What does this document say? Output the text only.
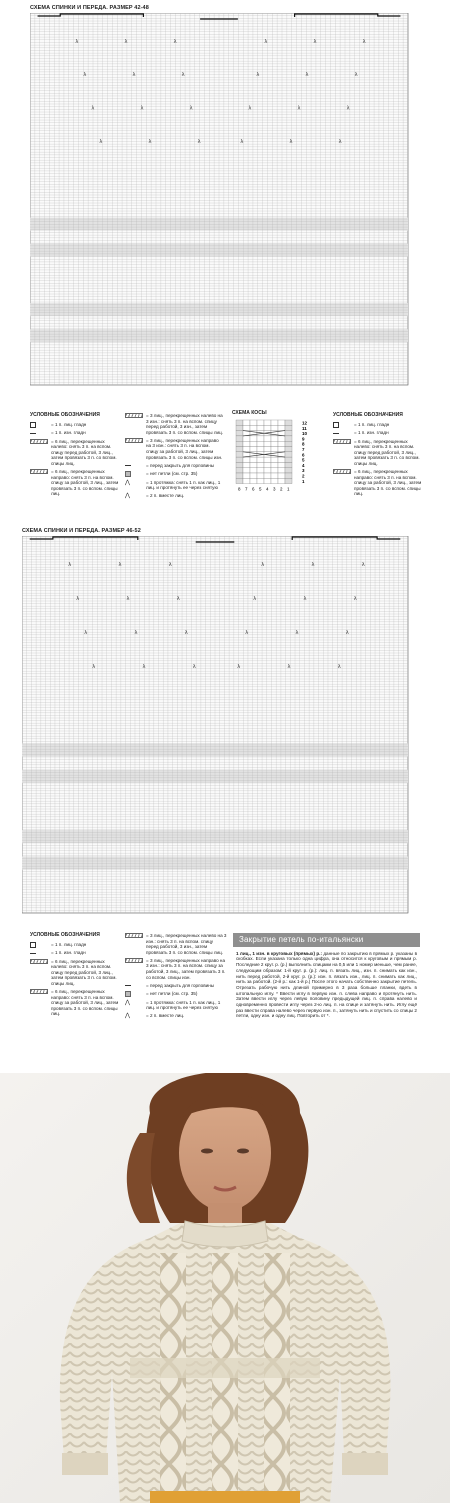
СХЕМА СПИНКИ И ПЕРЕДА. РАЗМЕР 42-48
λ
λ
λ
λ
λ
λ
λ
λ
λ
λ
λ
λ
λ
λ
λ
λ
λ
λ
λ
λ
λ
λ
λ
λ
УСЛОВНЫЕ ОБОЗНАЧЕНИЯ
= 1 п. лиц. гладн
= 1 п. изн. гладн
= 6 лиц., перекрещенных налево: снять 3 п. на вспом. спицу перед работой, 3 лиц., затем провязать 3 п. со вспом. спицы лиц.
= 6 лиц., перекрещенных направо: снять 3 п. на вспом. спицу за работой, 3 лиц., затем провязать 3 п. со вспом. спицы лиц.
= 3 лиц., перекрещенных налево на 3 изн.: снять 3 п. на вспом. спицу перед работой, 3 изн., затем провязать 3 п. со вспом. спицы лиц.
= 3 лиц., перекрещенных направо на 3 изн.: снять 3 п. на вспом. спицу за работой, 3 лиц., затем провязать 3 п. со вспом. спицы изн.
= перед закрыть для горловины
= нет петли (см. стр. 35)
⋀	= 1 протяжка: снять 1 п. как лиц., 1 лиц. и протянуть ее через снятую
⋀	= 2 п. вместе лиц.
СХЕМА КОСЫ
12
11
10
9
8
7
6
5
4
3
2
1
8 7 6 5 4 3 2 1
УСЛОВНЫЕ ОБОЗНАЧЕНИЯ
= 1 п. лиц. гладн
= 1 п. изн. гладн
= 6 лиц., перекрещенных налево: снять 3 п. на вспом. спицу перед работой, 3 лиц., затем провязать 3 п. со вспом. спицы лиц.
= 6 лиц., перекрещенных направо: снять 3 п. на вспом. спицу за работой, 3 лиц., затем провязать 3 п. со вспом. спицы лиц.
СХЕМА СПИНКИ И ПЕРЕДА. РАЗМЕР 46-52
λ
λ
λ
λ
λ
λ
λ
λ
λ
λ
λ
λ
λ
λ
λ
λ
λ
λ
λ
λ
λ
λ
λ
λ
УСЛОВНЫЕ ОБОЗНАЧЕНИЯ
= 1 п. лиц. гладн
= 1 п. изн. гладн
= 6 лиц., перекрещенных налево: снять 3 п. на вспом. спицу перед работой, 3 лиц., затем провязать 3 п. со вспом. спицы лиц.
= 6 лиц., перекрещенных направо: снять 3 п. на вспом. спицу за работой, 3 лиц., затем провязать 3 п. со вспом. спицы лиц.
= 3 лиц., перекрещенных налево на 3 изн.: снять 3 п. на вспом. спицу перед работой, 3 изн., затем провязать 3 п. со вспом. спицы лиц.
= 3 лиц., перекрещенных направо на 3 изн.: снять 3 п. на вспом. спицу за работой, 3 лиц., затем провязать 3 п. со вспом. спицы изн.
= перед закрыть для горловины
= нет петли (см. стр. 35)
⋀	= 1 протяжка: снять 1 п. как лиц., 1 лиц. и протянуть ее через снятую
⋀	= 2 п. вместе лиц.
Закрытие петель по-итальянски
1 лиц., 1 изн. в круговых (прямых) р.: данные по закрытию в прямых р. указаны в скобках. Если указана только одна цифра, она относится к круговым и прямым р. Последние 2 круг. р. (р.) выполнить спицами на 0,5 или 1 номер меньше, чем ранее, следующим образом: 1-й круг. р. (р.): лиц. п. вязать лиц., изн. п. снимать как изн., нить перед работой, 2-й круг. р. (р.): изн. п. вязать изн., лиц. п. снимать как лиц., нить за работой. (2-й р.: как 1-й р.) После этого начать собственно закрытие петель. Отрезать рабочую нить длиной примерно в 3 раза больше планки, вдеть в штопальную иглу. * Ввести иглу в первую изн. п. слева направо и протянуть нить. Затем ввести иглу через левую половину предыдущей лиц. п. справа налево и одновременно провести иглу через 2-ю лиц. п. на спице и затянуть нить. Иглу ещё раз ввести справа налево через первую изн. п., затянуть нить и спустить со спицы 2 петли, одну изн. и одну лиц. Повторить от *.
